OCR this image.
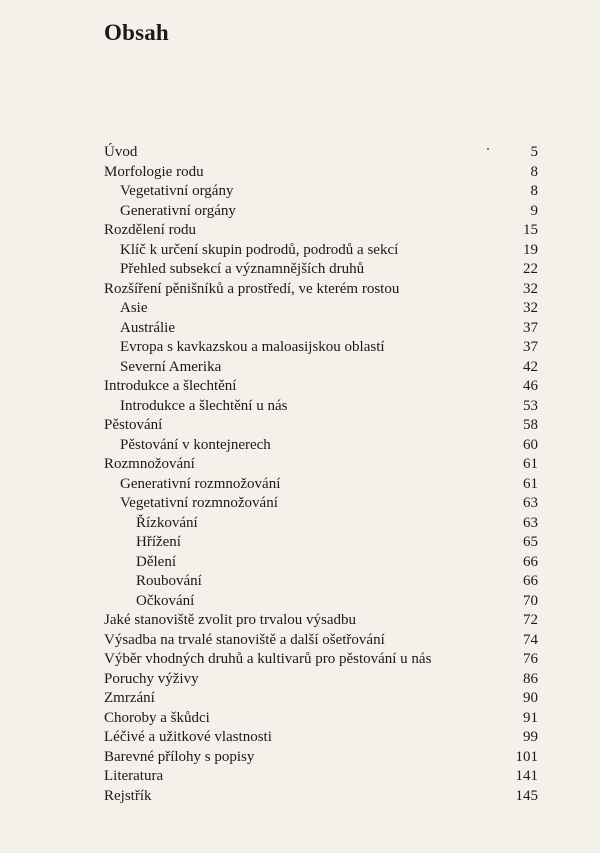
Obsah
Úvod	5
Morfologie rodu	8
Vegetativní orgány	8
Generativní orgány	9
Rozdělení rodu	15
Klíč k určení skupin podrodů, podrodů a sekcí	19
Přehled subsekcí a významnějších druhů	22
Rozšíření pěnišníků a prostředí, ve kterém rostou	32
Asie	32
Austrálie	37
Evropa s kavkazskou a maloasijskou oblastí	37
Severní Amerika	42
Introdukce a šlechtění	46
Introdukce a šlechtění u nás	53
Pěstování	58
Pěstování v kontejnerech	60
Rozmnožování	61
Generativní rozmnožování	61
Vegetativní rozmnožování	63
Řízkování	63
Hřížení	65
Dělení	66
Roubování	66
Očkování	70
Jaké stanoviště zvolit pro trvalou výsadbu	72
Výsadba na trvalé stanoviště a další ošetřování	74
Výběr vhodných druhů a kultivarů pro pěstování u nás	76
Poruchy výživy	86
Zmrzání	90
Choroby a škůdci	91
Léčivé a užitkové vlastnosti	99
Barevné přílohy s popisy	101
Literatura	141
Rejstřík	145
